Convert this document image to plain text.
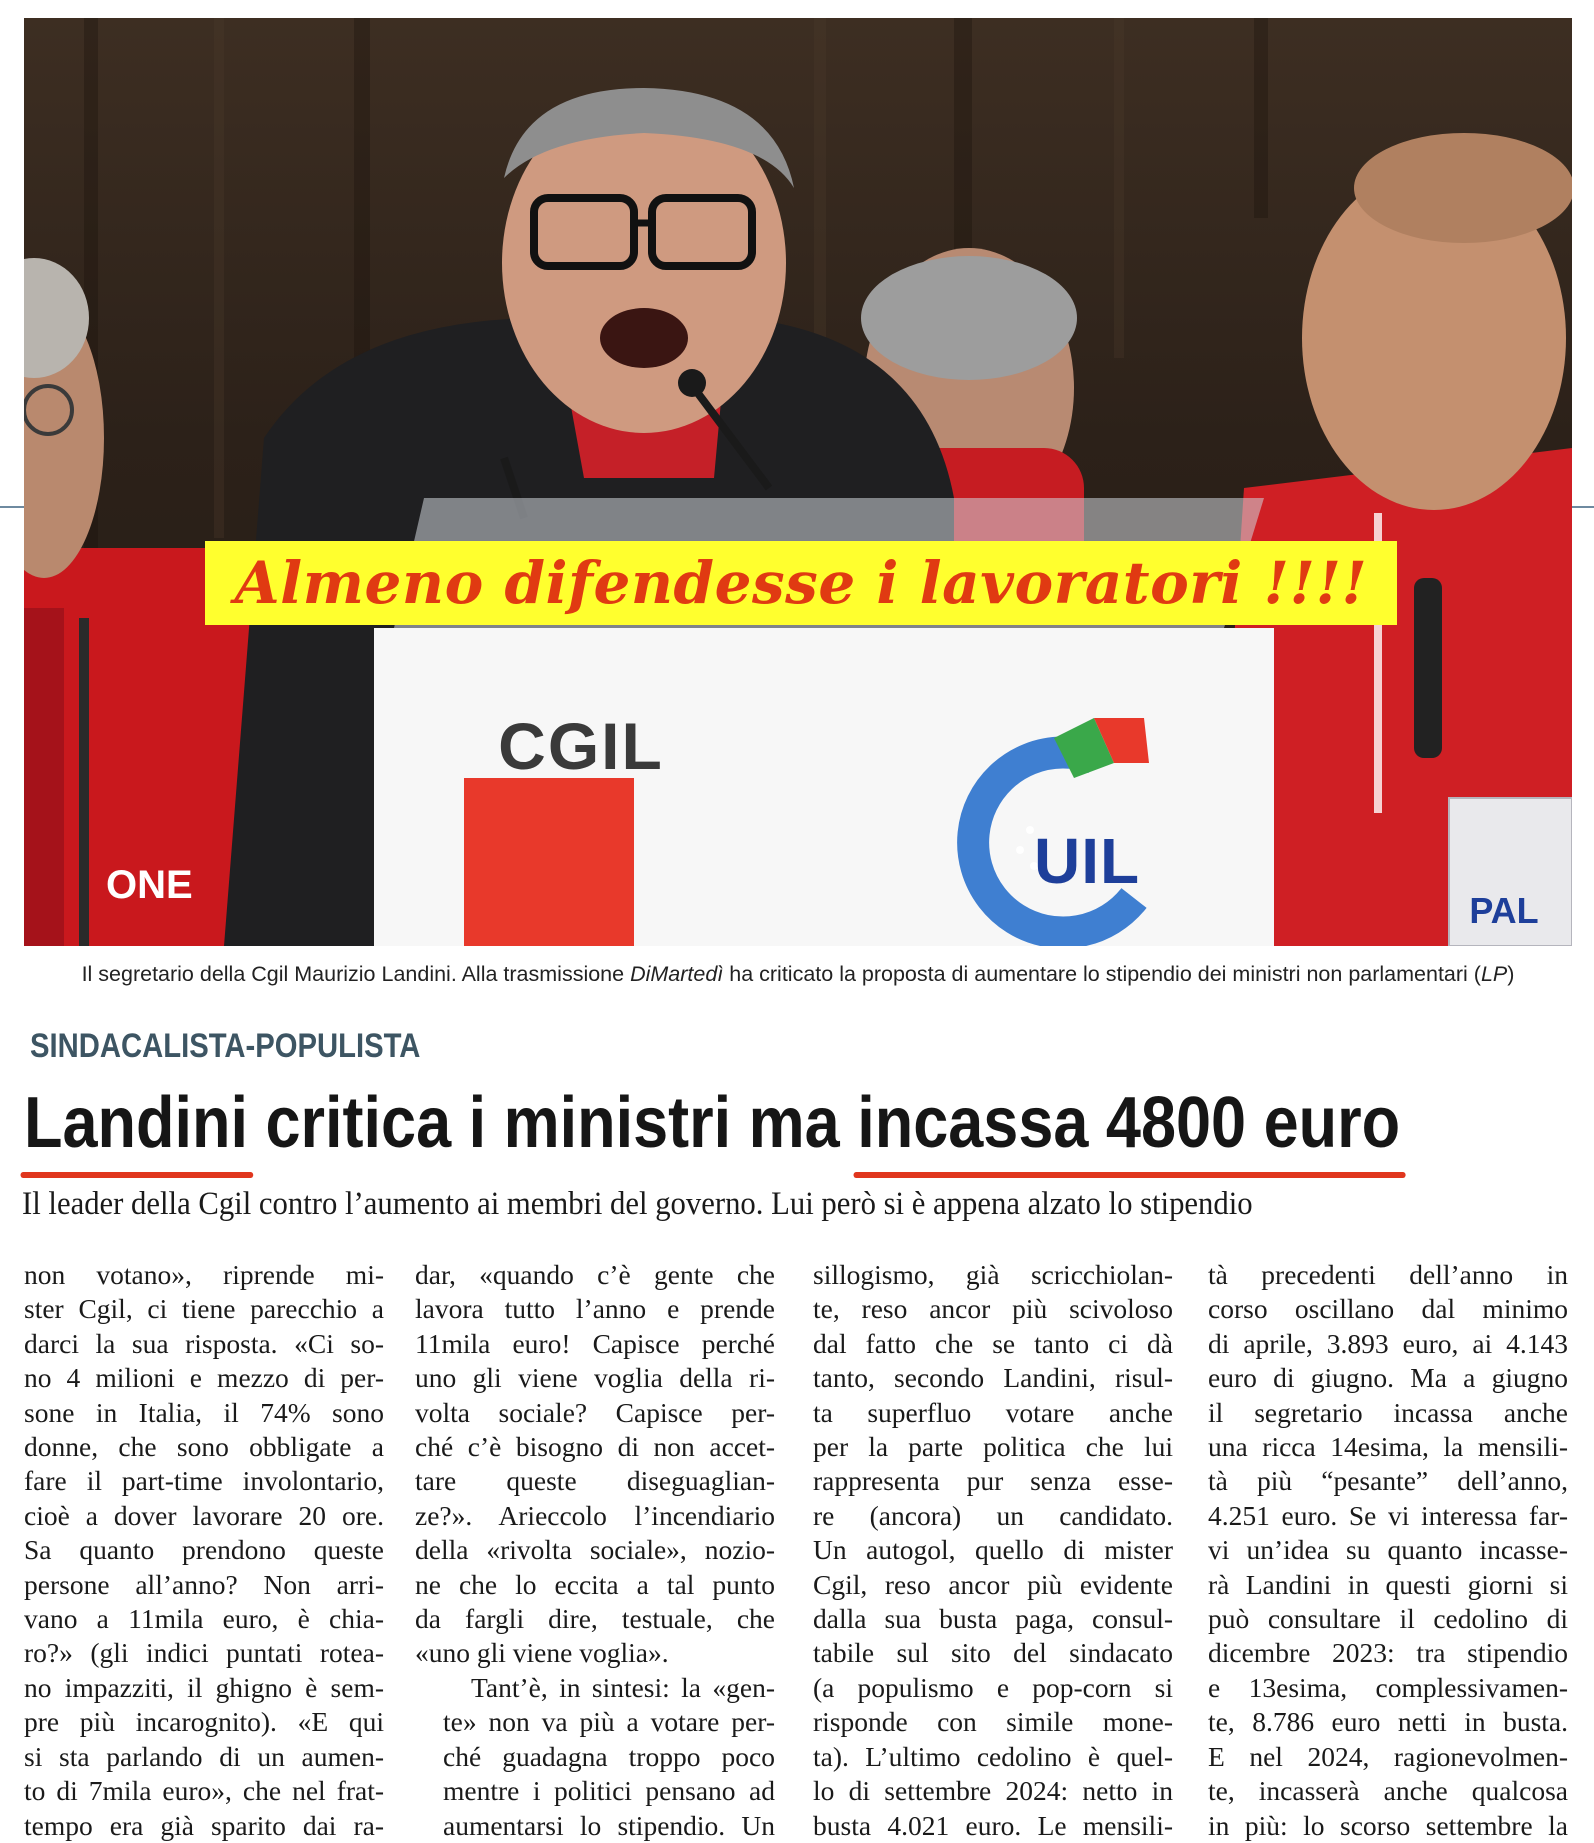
ONE
PAL
CGIL
UIL
Almeno difendesse i lavoratori !!!!
Il segretario della Cgil Maurizio Landini. Alla trasmissione DiMartedì ha criticato la proposta di aumentare lo stipendio dei ministri non parlamentari (LP)
SINDACALISTA-POPULISTA
Landini critica i ministri ma incassa 4800 euro
Il leader della Cgil contro l’aumento ai membri del governo. Lui però si è appena alzato lo stipendio

non votano», riprende mi-
ster Cgil, ci tiene parecchio a
darci la sua risposta. «Ci so-
no 4 milioni e mezzo di per-
sone in Italia, il 74% sono
donne, che sono obbligate a
fare il part-time involontario,
cioè a dover lavorare 20 ore.
Sa quanto prendono queste
persone all’anno? Non arri-
vano a 11mila euro, è chia-
ro?» (gli indici puntati rotea-
no impazziti, il ghigno è sem-
pre più incarognito). «E qui
si sta parlando di un aumen-
to di 7mila euro», che nel frat-
tempo era già sparito dai ra-

dar, «quando c’è gente che
lavora tutto l’anno e prende
11mila euro! Capisce perché
uno gli viene voglia della ri-
volta sociale? Capisce per-
ché c’è bisogno di non accet-
tare queste diseguaglian-
ze?». Arieccolo l’incendiario
della «rivolta sociale», nozio-
ne che lo eccita a tal punto
da fargli dire, testuale, che
«uno gli viene voglia».

Tant’è, in sintesi: la «gen-
te» non va più a votare per-
ché guadagna troppo poco
mentre i politici pensano ad
aumentarsi lo stipendio. Un

sillogismo, già scricchiolan-
te, reso ancor più scivoloso
dal fatto che se tanto ci dà
tanto, secondo Landini, risul-
ta superfluo votare anche
per la parte politica che lui
rappresenta pur senza esse-
re (ancora) un candidato.
Un autogol, quello di mister
Cgil, reso ancor più evidente
dalla sua busta paga, consul-
tabile sul sito del sindacato
(a populismo e pop-corn si
risponde con simile mone-
ta). L’ultimo cedolino è quel-
lo di settembre 2024: netto in
busta 4.021 euro. Le mensili-

tà precedenti dell’anno in
corso oscillano dal minimo
di aprile, 3.893 euro, ai 4.143
euro di giugno. Ma a giugno
il segretario incassa anche
una ricca 14esima, la mensili-
tà più “pesante” dell’anno,
4.251 euro. Se vi interessa far-
vi un’idea su quanto incasse-
rà Landini in questi giorni si
può consultare il cedolino di
dicembre 2023: tra stipendio
e 13esima, complessivamen-
te, 8.786 euro netti in busta.
E nel 2024, ragionevolmen-
te, incasserà anche qualcosa
in più: lo scorso settembre la
